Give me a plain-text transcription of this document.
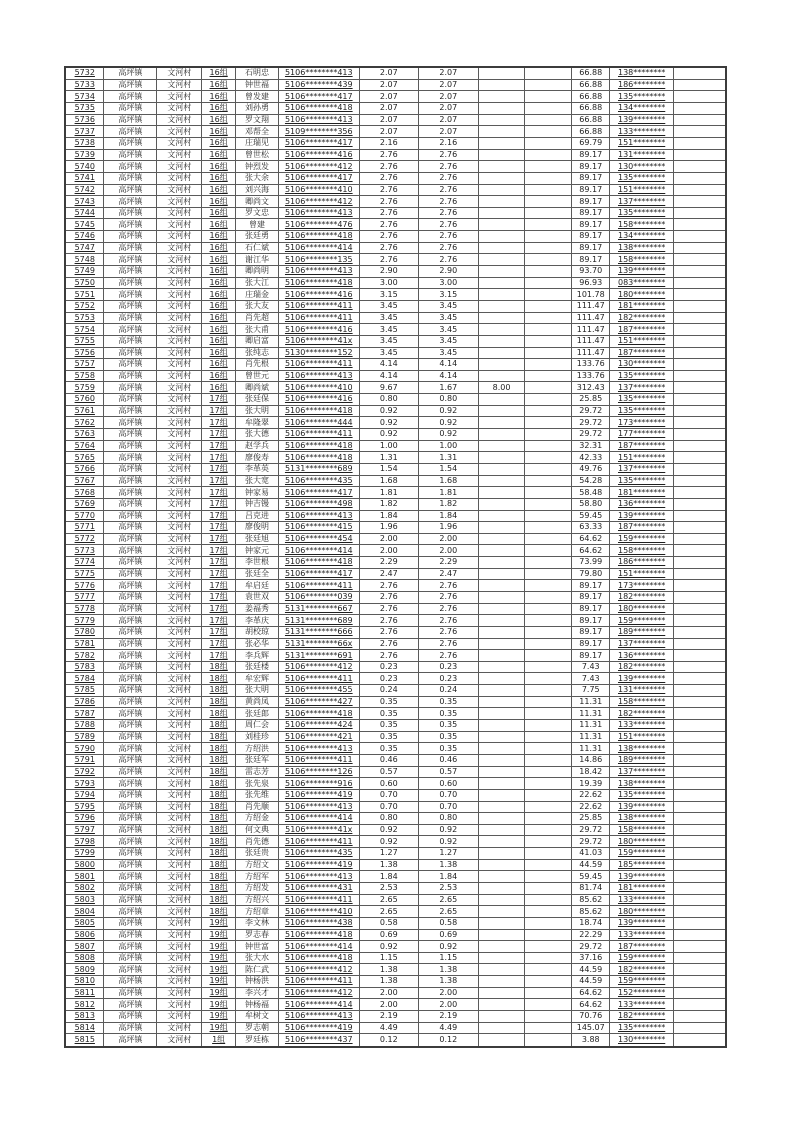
5732	高坪镇	文河村	16组	石明忠	5106********413	2.07	2.07			66.88	138********	
5733	高坪镇	文河村	16组	钟世福	5106********439	2.07	2.07			66.88	186********	
5734	高坪镇	文河村	16组	曾发建	5106********417	2.07	2.07			66.88	135********	
5735	高坪镇	文河村	16组	刘孙勇	5106********418	2.07	2.07			66.88	134********	
5736	高坪镇	文河村	16组	罗文翔	5106********413	2.07	2.07			66.88	139********	
5737	高坪镇	文河村	16组	邓帮全	5109********356	2.07	2.07			66.88	133********	
5738	高坪镇	文河村	16组	庄瑞见	5106********417	2.16	2.16			69.79	151********	
5739	高坪镇	文河村	16组	曾世松	5106********416	2.76	2.76			89.17	131********	
5740	高坪镇	文河村	16组	钟烈发	5106********412	2.76	2.76			89.17	130********	
5741	高坪镇	文河村	16组	张大余	5106********417	2.76	2.76			89.17	135********	
5742	高坪镇	文河村	16组	刘兴海	5106********410	2.76	2.76			89.17	151********	
5743	高坪镇	文河村	16组	卿尚文	5106********412	2.76	2.76			89.17	137********	
5744	高坪镇	文河村	16组	罗文忠	5106********413	2.76	2.76			89.17	135********	
5745	高坪镇	文河村	16组	曾建	5106********476	2.76	2.76			89.17	158********	
5746	高坪镇	文河村	16组	张廷勇	5106********418	2.76	2.76			89.17	134********	
5747	高坪镇	文河村	16组	石仁斌	5106********414	2.76	2.76			89.17	138********	
5748	高坪镇	文河村	16组	谢江华	5106********135	2.76	2.76			89.17	158********	
5749	高坪镇	文河村	16组	卿尚明	5106********413	2.90	2.90			93.70	139********	
5750	高坪镇	文河村	16组	张大江	5106********418	3.00	3.00			96.93	083********	
5751	高坪镇	文河村	16组	庄瑞金	5106********416	3.15	3.15			101.78	180********	
5752	高坪镇	文河村	16组	张大友	5106********411	3.45	3.45			111.47	181********	
5753	高坪镇	文河村	16组	肖先超	5106********411	3.45	3.45			111.47	182********	
5754	高坪镇	文河村	16组	张大甫	5106********416	3.45	3.45			111.47	187********	
5755	高坪镇	文河村	16组	卿启富	5106********41x	3.45	3.45			111.47	151********	
5756	高坪镇	文河村	16组	张纯志	5130********152	3.45	3.45			111.47	187********	
5757	高坪镇	文河村	16组	肖先根	5106********411	4.14	4.14			133.76	130********	
5758	高坪镇	文河村	16组	曾世元	5106********413	4.14	4.14			133.76	135********	
5759	高坪镇	文河村	16组	卿尚斌	5106********410	9.67	1.67	8.00		312.43	137********	
5760	高坪镇	文河村	17组	张廷保	5106********416	0.80	0.80			25.85	135********	
5761	高坪镇	文河村	17组	张大明	5106********418	0.92	0.92			29.72	135********	
5762	高坪镇	文河村	17组	牟隆翠	5106********444	0.92	0.92			29.72	173********	
5763	高坪镇	文河村	17组	张大德	5106********411	0.92	0.92			29.72	177********	
5764	高坪镇	文河村	17组	赵学兵	5106********418	1.00	1.00			32.31	187********	
5765	高坪镇	文河村	17组	廖俊寿	5106********418	1.31	1.31			42.33	151********	
5766	高坪镇	文河村	17组	李革英	5131********689	1.54	1.54			49.76	137********	
5767	高坪镇	文河村	17组	张大宽	5106********435	1.68	1.68			54.28	135********	
5768	高坪镇	文河村	17组	钟家易	5106********417	1.81	1.81			58.48	181********	
5769	高坪镇	文河村	17组	钟吉镘	5106********498	1.82	1.82			58.80	136********	
5770	高坪镇	文河村	17组	吕克进	5106********413	1.84	1.84			59.45	139********	
5771	高坪镇	文河村	17组	廖俊明	5106********415	1.96	1.96			63.33	187********	
5772	高坪镇	文河村	17组	张廷旭	5106********454	2.00	2.00			64.62	159********	
5773	高坪镇	文河村	17组	钟家元	5106********414	2.00	2.00			64.62	158********	
5774	高坪镇	文河村	17组	李世根	5106********418	2.29	2.29			73.99	186********	
5775	高坪镇	文河村	17组	张廷全	5106********417	2.47	2.47			79.80	151********	
5776	高坪镇	文河村	17组	牟启廷	5106********411	2.76	2.76			89.17	173********	
5777	高坪镇	文河村	17组	袁世双	5106********039	2.76	2.76			89.17	182********	
5778	高坪镇	文河村	17组	姜福秀	5131********667	2.76	2.76			89.17	180********	
5779	高坪镇	文河村	17组	李革庆	5131********689	2.76	2.76			89.17	159********	
5780	高坪镇	文河村	17组	胡校琼	5131********666	2.76	2.76			89.17	189********	
5781	高坪镇	文河村	17组	张必华	5131********66x	2.76	2.76			89.17	137********	
5782	高坪镇	文河村	17组	李兵辉	5131********691	2.76	2.76			89.17	136********	
5783	高坪镇	文河村	18组	张廷楼	5106********412	0.23	0.23			7.43	182********	
5784	高坪镇	文河村	18组	牟宏辉	5106********411	0.23	0.23			7.43	139********	
5785	高坪镇	文河村	18组	张大明	5106********455	0.24	0.24			7.75	131********	
5786	高坪镇	文河村	18组	黄尚凤	5106********427	0.35	0.35			11.31	158********	
5787	高坪镇	文河村	18组	张廷郎	5106********418	0.35	0.35			11.31	182********	
5788	高坪镇	文河村	18组	周仁会	5106********424	0.35	0.35			11.31	133********	
5789	高坪镇	文河村	18组	刘桂珍	5106********421	0.35	0.35			11.31	151********	
5790	高坪镇	文河村	18组	方绍洪	5106********413	0.35	0.35			11.31	138********	
5791	高坪镇	文河村	18组	张廷军	5106********411	0.46	0.46			14.86	189********	
5792	高坪镇	文河村	18组	雷志芳	5106********126	0.57	0.57			18.42	137********	
5793	高坪镇	文河村	18组	张先泉	5106********916	0.60	0.60			19.39	138********	
5794	高坪镇	文河村	18组	张先维	5106********419	0.70	0.70			22.62	135********	
5795	高坪镇	文河村	18组	肖先顺	5106********413	0.70	0.70			22.62	139********	
5796	高坪镇	文河村	18组	方绍金	5106********414	0.80	0.80			25.85	138********	
5797	高坪镇	文河村	18组	何文典	5106********41x	0.92	0.92			29.72	158********	
5798	高坪镇	文河村	18组	肖先德	5106********411	0.92	0.92			29.72	180********	
5799	高坪镇	文河村	18组	张廷贵	5106********435	1.27	1.27			41.03	159********	
5800	高坪镇	文河村	18组	方绍文	5106********419	1.38	1.38			44.59	185********	
5801	高坪镇	文河村	18组	方绍军	5106********413	1.84	1.84			59.45	139********	
5802	高坪镇	文河村	18组	方绍发	5106********431	2.53	2.53			81.74	181********	
5803	高坪镇	文河村	18组	方绍兴	5106********411	2.65	2.65			85.62	133********	
5804	高坪镇	文河村	18组	方绍章	5106********410	2.65	2.65			85.62	180********	
5805	高坪镇	文河村	19组	李文林	5106********438	0.58	0.58			18.74	139********	
5806	高坪镇	文河村	19组	罗志春	5106********418	0.69	0.69			22.29	133********	
5807	高坪镇	文河村	19组	钟世富	5106********414	0.92	0.92			29.72	187********	
5808	高坪镇	文河村	19组	张大水	5106********418	1.15	1.15			37.16	159********	
5809	高坪镇	文河村	19组	陈仁武	5106********412	1.38	1.38			44.59	182********	
5810	高坪镇	文河村	19组	钟杨洪	5106********411	1.38	1.38			44.59	159********	
5811	高坪镇	文河村	19组	李兴才	5106********412	2.00	2.00			64.62	152********	
5812	高坪镇	文河村	19组	钟杨福	5106********414	2.00	2.00			64.62	133********	
5813	高坪镇	文河村	19组	牟树文	5106********413	2.19	2.19			70.76	182********	
5814	高坪镇	文河村	19组	罗志朝	5106********419	4.49	4.49			145.07	135********	
5815	高坪镇	文河村	1组	罗廷栋	5106********437	0.12	0.12			3.88	130********	
